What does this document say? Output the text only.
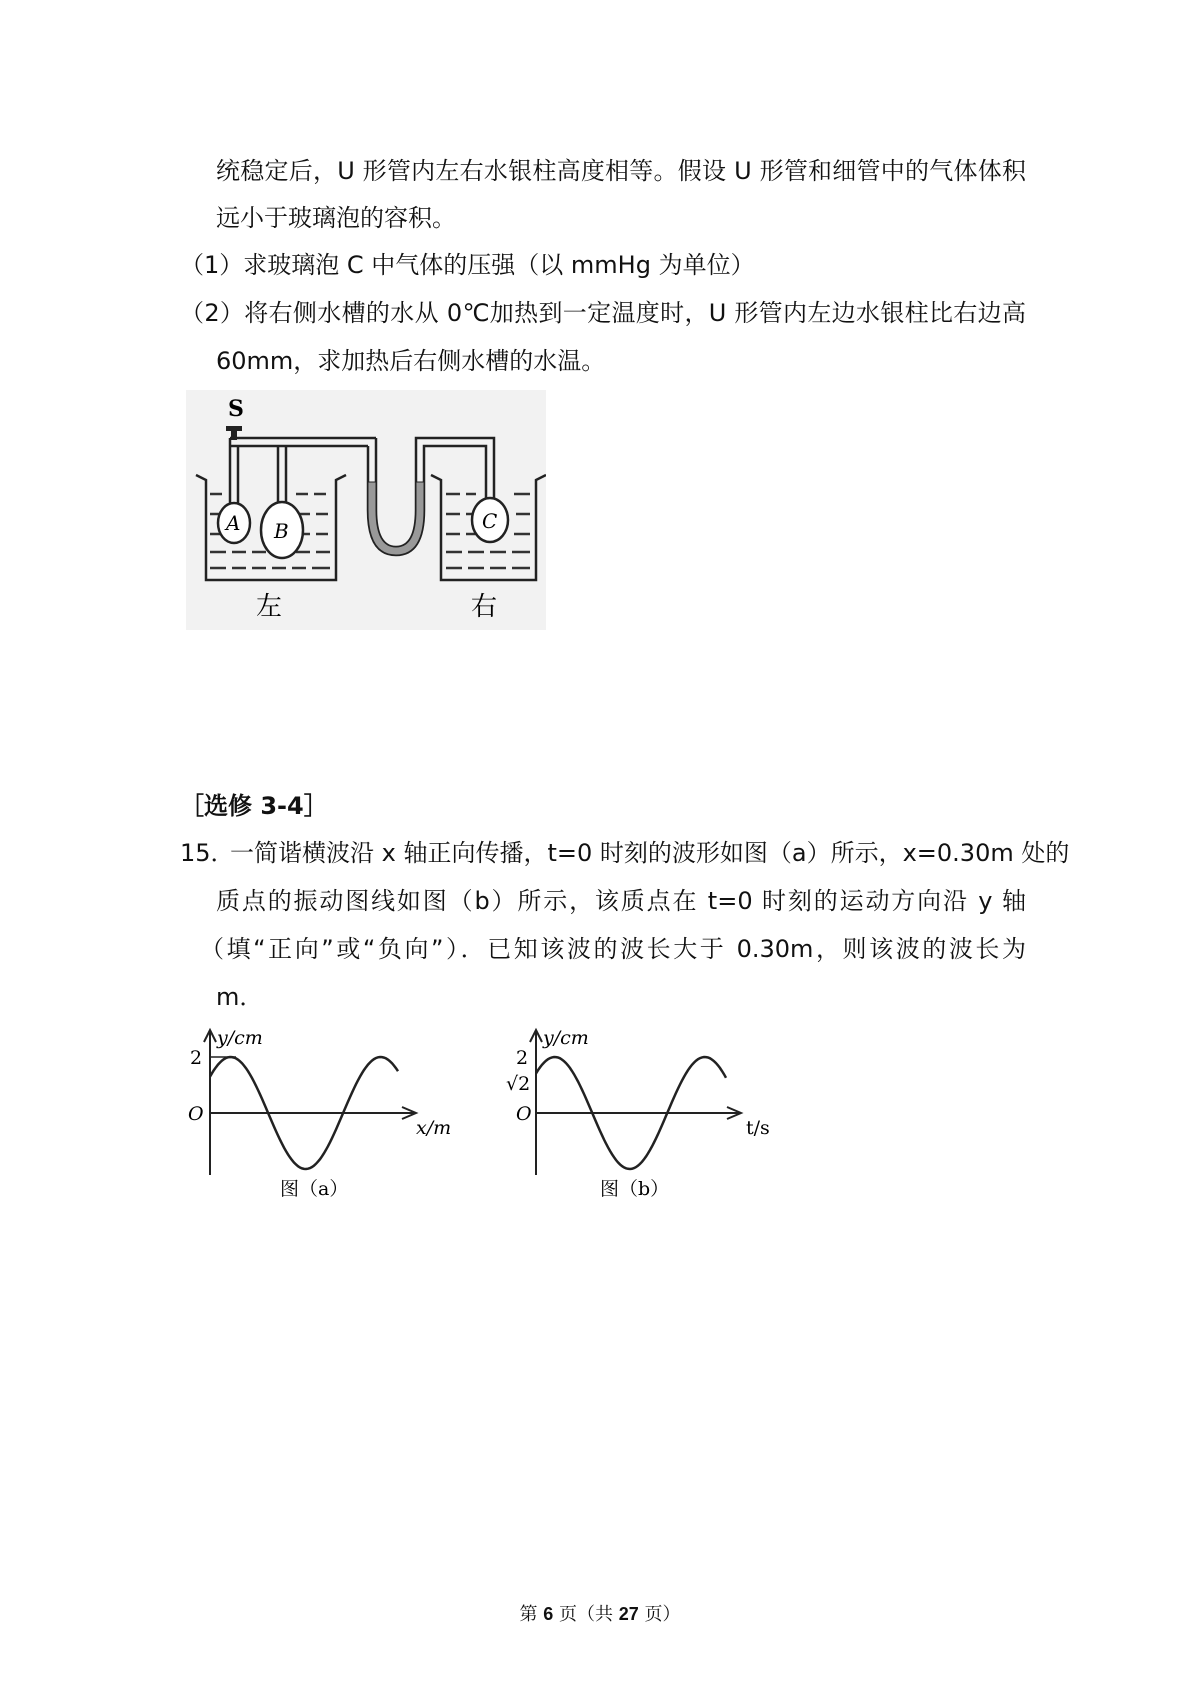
统稳定后，U 形管内左右水银柱高度相等。假设 U 形管和细管中的气体体积
远小于玻璃泡的容积。
（1）求玻璃泡 C 中气体的压强（以 mmHg 为单位）
（2）将右侧水槽的水从 0℃加热到一定温度时，U 形管内左边水银柱比右边高
60mm，求加热后右侧水槽的水温。
S
A B	C
左	右
［选修 3-4］
15．
一简谐横波沿 x 轴正向传播，t=0 时刻的波形如图（a）所示，x=0.30m 处的
质点的振动图线如图（b）所示，该质点在 t=0 时刻的运动方向沿 y 轴
（填“正向”或“负向”）．已知该波的波长大于 0.30m，则该波的波长为
m．
y/cm
2
O
x/m
图（a）
y/cm
2
√2
O
t/s
图（b）
第 6 页（共 27 页）
